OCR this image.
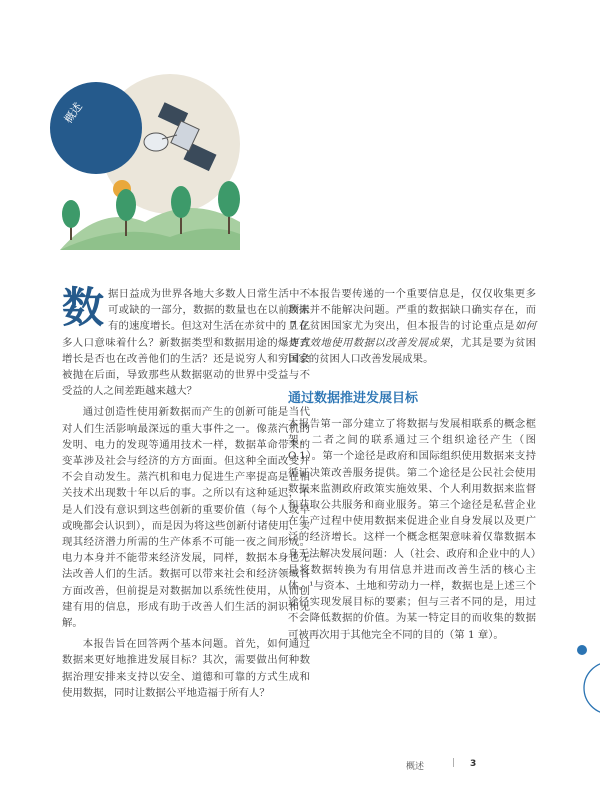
概述

数据日益成为世界各地大多数人日常生活中不可或缺的一部分，数据的数量也在以前所未有的速度增长。但这对生活在赤贫中的 7 亿多人口意味着什么？新数据类型和数据用途的爆炸式增长是否也在改善他们的生活？还是说穷人和穷国会被抛在后面，导致那些从数据驱动的世界中受益与不受益的人之间差距越来越大？

通过创造性使用新数据而产生的创新可能是当代对人们生活影响最深远的重大事件之一。像蒸汽机的发明、电力的发现等通用技术一样，数据革命带来的变革涉及社会与经济的方方面面。但这种全面改变并不会自动发生。蒸汽机和电力促进生产率提高是在相关技术出现数十年以后的事。之所以有这种延迟，不是人们没有意识到这些创新的重要价值（每个人或早或晚都会认识到），而是因为将这些创新付诸使用、实现其经济潜力所需的生产体系不可能一夜之间形成。电力本身并不能带来经济发展，同样，数据本身也无法改善人们的生活。数据可以带来社会和经济领域各方面改善，但前提是对数据加以系统性使用，从而创建有用的信息，形成有助于改善人们生活的洞识和见解。

本报告旨在回答两个基本问题。首先，如何通过数据来更好地推进发展目标？其次，需要做出何种数据治理安排来支持以安全、道德和可靠的方式生成和使用数据，同时让数据公平地造福于所有人？

本报告要传递的一个重要信息是，仅仅收集更多数据并不能解决问题。严重的数据缺口确实存在，而且在贫困国家尤为突出，但本报告的讨论重点是如何更有效地使用数据以改善发展成果，尤其是要为贫困国家的贫困人口改善发展成果。

通过数据推进发展目标

本报告第一部分建立了将数据与发展相联系的概念框架，二者之间的联系通过三个组织途径产生（图 O.1）。第一个途径是政府和国际组织使用数据来支持循证决策改善服务提供。第二个途径是公民社会使用数据来监测政府政策实施效果、个人利用数据来监督和获取公共服务和商业服务。第三个途径是私营企业在生产过程中使用数据来促进企业自身发展以及更广泛的经济增长。这样一个概念框架意味着仅靠数据本身无法解决发展问题：人（社会、政府和企业中的人）是将数据转换为有用信息并进而改善生活的核心主体。¹与资本、土地和劳动力一样，数据也是上述三个途径实现发展目标的要素；但与三者不同的是，用过不会降低数据的价值。为某一特定目的而收集的数据可被再次用于其他完全不同的目的（第 1 章）。

概述	| 3
